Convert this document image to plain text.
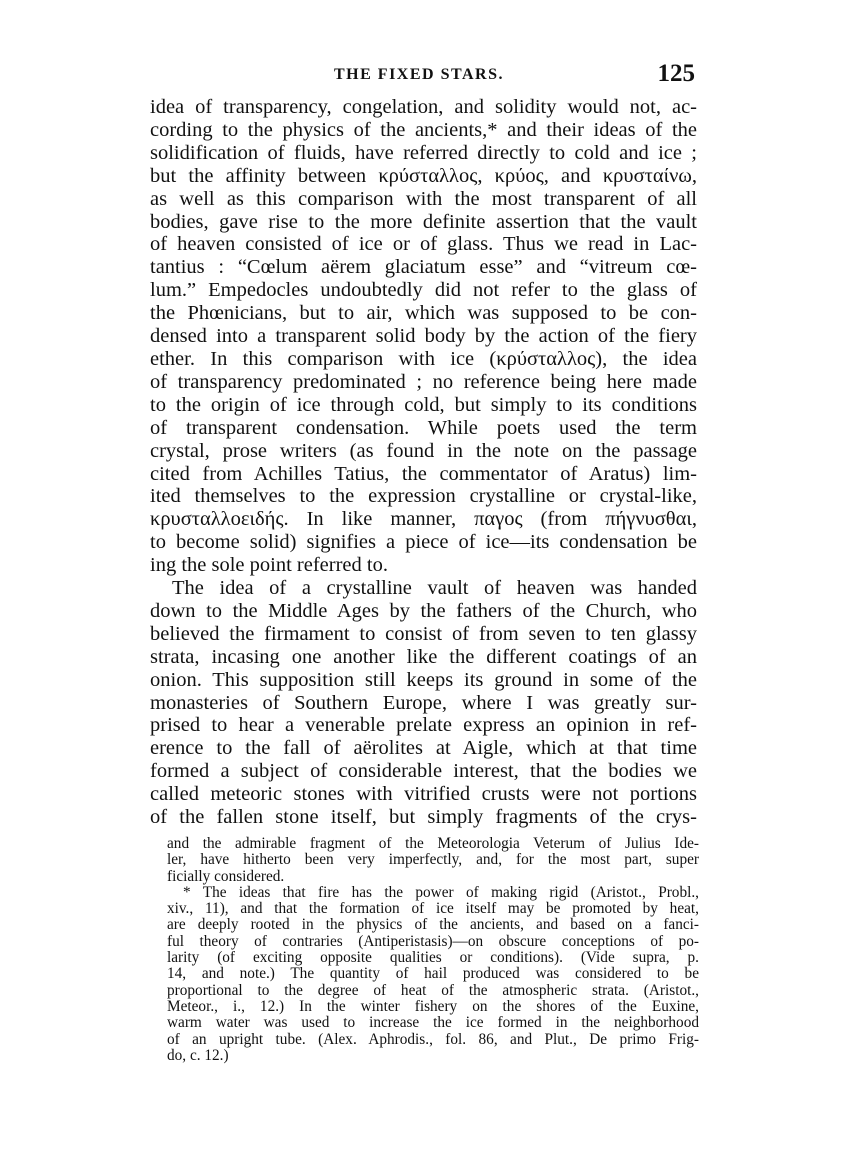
THE FIXED STARS.	125
idea of transparency, congelation, and solidity would not, ac-
cording to the physics of the ancients,* and their ideas of the
solidification of fluids, have referred directly to cold and ice ;
but the affinity between κρύσταλλος, κρύος, and κρυσταίνω,
as well as this comparison with the most transparent of all
bodies, gave rise to the more definite assertion that the vault
of heaven consisted of ice or of glass. Thus we read in Lac-
tantius : “Cœlum aërem glaciatum esse” and “vitreum cœ-
lum.” Empedocles undoubtedly did not refer to the glass of
the Phœnicians, but to air, which was supposed to be con-
densed into a transparent solid body by the action of the fiery
ether. In this comparison with ice (κρύσταλλος), the idea
of transparency predominated ; no reference being here made
to the origin of ice through cold, but simply to its conditions
of transparent condensation. While poets used the term
crystal, prose writers (as found in the note on the passage
cited from Achilles Tatius, the commentator of Aratus) lim-
ited themselves to the expression crystalline or crystal-like,
κρυσταλλοειδής. In like manner, παγος (from πήγνυσθαι,
to become solid) signifies a piece of ice—its condensation be
ing the sole point referred to.
The idea of a crystalline vault of heaven was handed
down to the Middle Ages by the fathers of the Church, who
believed the firmament to consist of from seven to ten glassy
strata, incasing one another like the different coatings of an
onion. This supposition still keeps its ground in some of the
monasteries of Southern Europe, where I was greatly sur-
prised to hear a venerable prelate express an opinion in ref-
erence to the fall of aërolites at Aigle, which at that time
formed a subject of considerable interest, that the bodies we
called meteoric stones with vitrified crusts were not portions
of the fallen stone itself, but simply fragments of the crys-
and the admirable fragment of the Meteorologia Veterum of Julius Ide-
ler, have hitherto been very imperfectly, and, for the most part, super
ficially considered.
* The ideas that fire has the power of making rigid (Aristot., Probl.,
xiv., 11), and that the formation of ice itself may be promoted by heat,
are deeply rooted in the physics of the ancients, and based on a fanci-
ful theory of contraries (Antiperistasis)—on obscure conceptions of po-
larity (of exciting opposite qualities or conditions). (Vide supra, p.
14, and note.) The quantity of hail produced was considered to be
proportional to the degree of heat of the atmospheric strata. (Aristot.,
Meteor., i., 12.) In the winter fishery on the shores of the Euxine,
warm water was used to increase the ice formed in the neighborhood
of an upright tube. (Alex. Aphrodis., fol. 86, and Plut., De primo Frig-
do, c. 12.)
